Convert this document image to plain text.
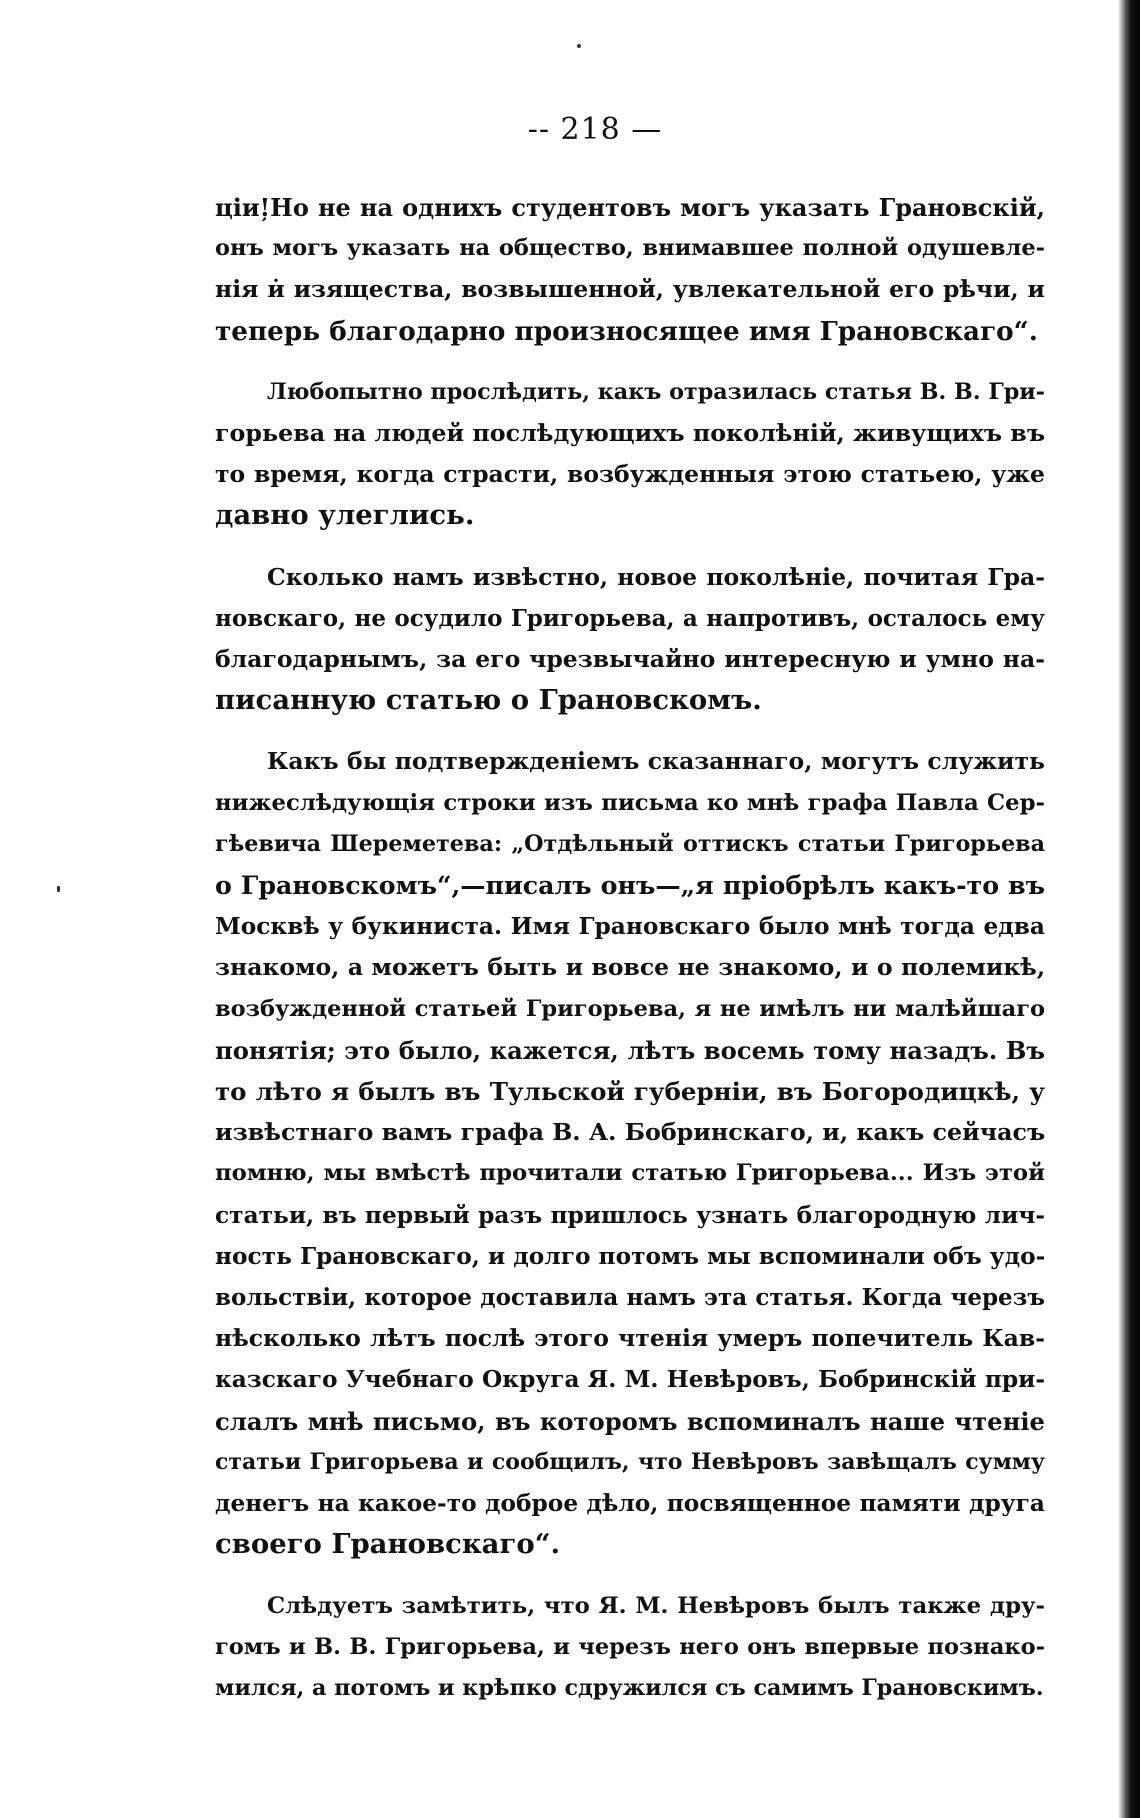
-- 218 —
ціи!̦Но не на однихъ студентовъ могъ указать Грановскій,
онъ могъ указать на общество, внимавшее полной одушевле-
нія и̇ изящества, возвышенной, увлекательной его рѣчи, и
теперь благодарно произносящее имя Грановскаго“.
Любопытно прослѣдить, какъ отразилась статья В. В. Гри-
горьева на людей послѣдующихъ поколѣній, живущихъ въ
то время, когда страсти, возбужденныя этою статьею, уже
давно улеглись.
Сколько намъ извѣстно, новое поколѣніе, почитая Гра-
новскаго, не осудило Григорьева, а напротивъ, осталось ему
благодарнымъ, за его чрезвычайно интересную и умно на-
писанную статью о Грановскомъ.
Какъ бы подтвержденіемъ сказаннаго, могутъ служить
нижеслѣдующія строки изъ письма ко мнѣ графа Павла Сер-
гѣевича Шереметева: „Отдѣльный оттискъ статьи Григорьева
о Грановскомъ“,—писалъ онъ—„я пріобрѣлъ какъ-то въ
Москвѣ у букиниста. Имя Грановскаго было мнѣ тогда едва
знакомо, а можетъ быть и вовсе не знакомо, и о полемикѣ,
возбужденной статьей Григорьева, я не имѣлъ ни малѣйшаго
понятія; это было, кажется, лѣтъ восемь тому назадъ. Въ
то лѣто я былъ въ Тульской губерніи, въ Богородицкѣ, у
извѣстнаго вамъ графа В. А. Бобринскаго, и, какъ сейчасъ
помню, мы вмѣстѣ прочитали статью Григорьева... Изъ этой
статьи, въ первый разъ пришлось узнать благородную лич-
ность Грановскаго, и долго потомъ мы вспоминали объ удо-
вольствіи, которое доставила намъ эта статья. Когда черезъ
нѣсколько лѣтъ послѣ этого чтенія умеръ попечитель Кав-
казскаго Учебнаго Округа Я. М. Невѣровъ, Бобринскій при-
слалъ мнѣ письмо, въ которомъ вспоминалъ наше чтеніе
статьи Григорьева и сообщилъ, что Невѣровъ завѣщалъ сумму
денегъ на какое-то доброе дѣло, посвященное памяти друга
своего Грановскаго“.
Слѣдуетъ замѣтить, что Я. М. Невѣровъ былъ также дру-
гомъ и В. В. Григорьева, и черезъ него онъ впервые познако-
мился, а потомъ и крѣпко сдружился съ самимъ Грановскимъ.
